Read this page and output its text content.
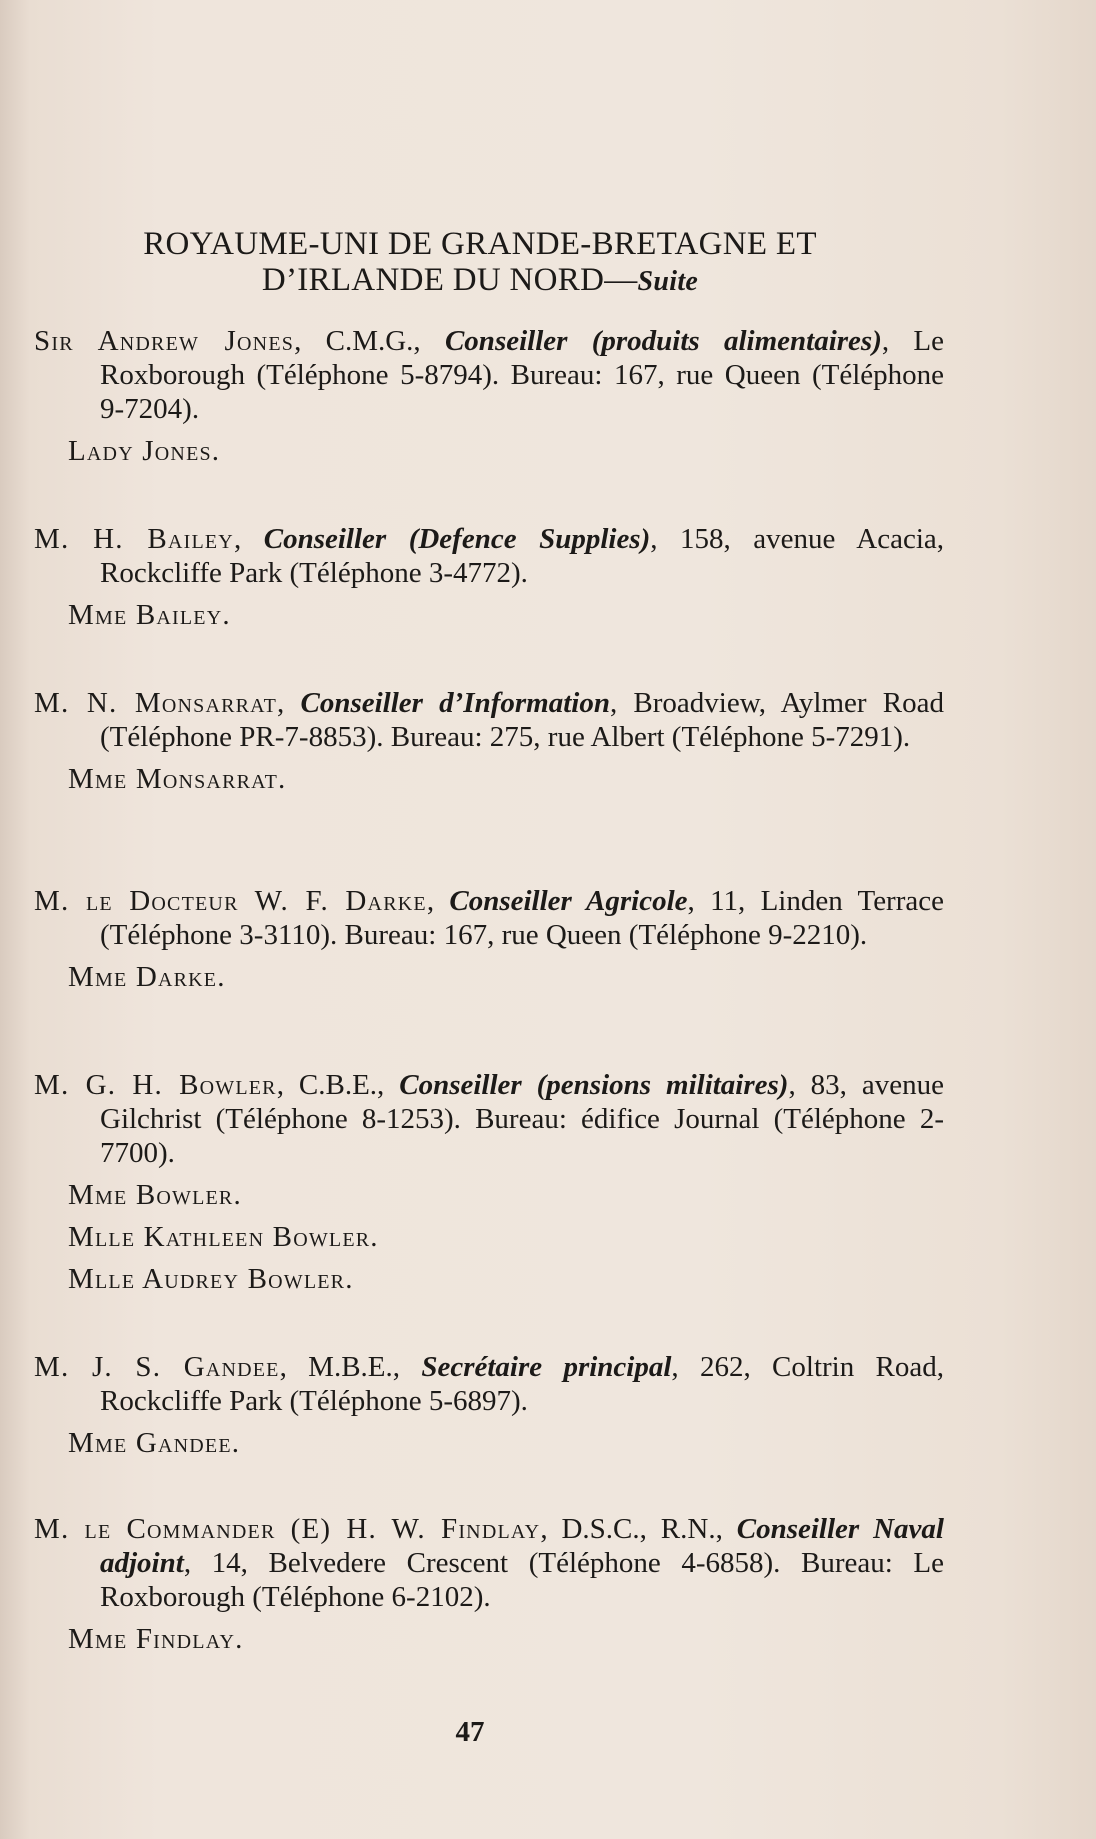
ROYAUME-UNI DE GRANDE-BRETAGNE ET
D’IRLANDE DU NORD—Suite

Sir Andrew Jones, C.M.G., Conseiller (produits alimentaires), Le Roxborough (Téléphone 5-8794). Bureau: 167, rue Queen (Téléphone 9-7204).

Lady Jones.

M. H. Bailey, Conseiller (Defence Supplies), 158, avenue Acacia, Rockcliffe Park (Téléphone 3-4772).

Mme Bailey.

M. N. Monsarrat, Conseiller d’Information, Broadview, Aylmer Road (Téléphone PR-7-8853). Bureau: 275, rue Albert (Téléphone 5-7291).

Mme Monsarrat.

M. le Docteur W. F. Darke, Conseiller Agricole, 11, Linden Terrace (Téléphone 3-3110). Bureau: 167, rue Queen (Téléphone 9-2210).

Mme Darke.

M. G. H. Bowler, C.B.E., Conseiller (pensions militaires), 83, avenue Gilchrist (Téléphone 8-1253). Bureau: édifice Journal (Téléphone 2-7700).

Mme Bowler.

Mlle Kathleen Bowler.

Mlle Audrey Bowler.

M. J. S. Gandee, M.B.E., Secrétaire principal, 262, Coltrin Road, Rockcliffe Park (Téléphone 5-6897).

Mme Gandee.

M. le Commander (E) H. W. Findlay, D.S.C., R.N., Conseiller Naval adjoint, 14, Belvedere Crescent (Téléphone 4-6858). Bureau: Le Roxborough (Téléphone 6-2102).

Mme Findlay.

47
